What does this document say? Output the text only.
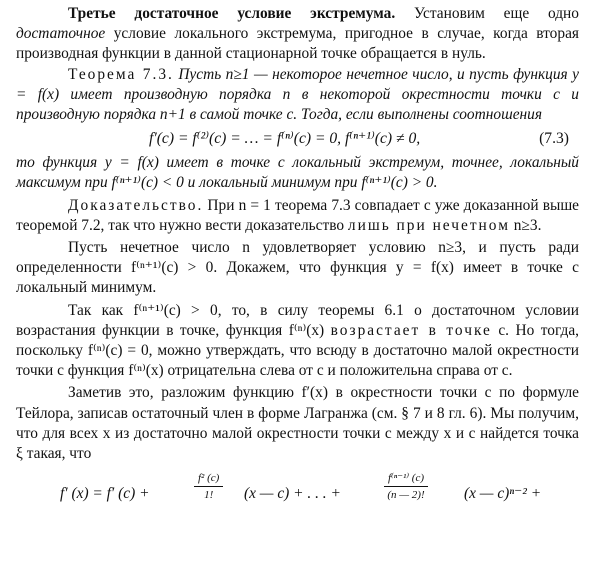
Третье достаточное условие экстремума. Установим еще одно достаточное условие локального экстремума, пригодное в случае, когда вторая производная функции в данной стационарной точке обращается в нуль.

Теорема 7.3. Пусть n≥1 — некоторое нечетное число, и пусть функция y = f(x) имеет производную порядка n в некоторой окрестности точки c и производную порядка n+1 в самой точке c. Тогда, если выполнены соотношения

f′(c) = f⁽²⁾(c) = … = f⁽ⁿ⁾(c) = 0, f⁽ⁿ⁺¹⁾(c) ≠ 0,	(7.3)

то функция y = f(x) имеет в точке c локальный экстремум, точнее, локальный максимум при f⁽ⁿ⁺¹⁾(c) < 0 и локальный минимум при f⁽ⁿ⁺¹⁾(c) > 0.

Доказательство. При n = 1 теорема 7.3 совпадает с уже доказанной выше теоремой 7.2, так что нужно вести доказательство лишь при нечетном n≥3.

Пусть нечетное число n удовлетворяет условию n≥3, и пусть ради определенности f⁽ⁿ⁺¹⁾(c) > 0. Докажем, что функция y = f(x) имеет в точке c локальный минимум.

Так как f⁽ⁿ⁺¹⁾(c) > 0, то, в силу теоремы 6.1 о достаточном условии возрастания функции в точке, функция f⁽ⁿ⁾(x) возрастает в точке c. Но тогда, поскольку f⁽ⁿ⁾(c) = 0, можно утверждать, что всюду в достаточно малой окрестности точки c функция f⁽ⁿ⁾(x) отрицательна слева от c и положительна справа от c.

Заметив это, разложим функцию f′(x) в окрестности точки c по формуле Тейлора, записав остаточный член в форме Лагранжа (см. § 7 и 8 гл. 6). Мы получим, что для всех x из достаточно малой окрестности точки c между x и c найдется точка ξ такая, что

f′ (x) = f′ (c) +
f² (c)
1!	(x — c) + . . . +
f⁽ⁿ⁻¹⁾ (c)
(n — 2)!	(x — c)ⁿ⁻² +
